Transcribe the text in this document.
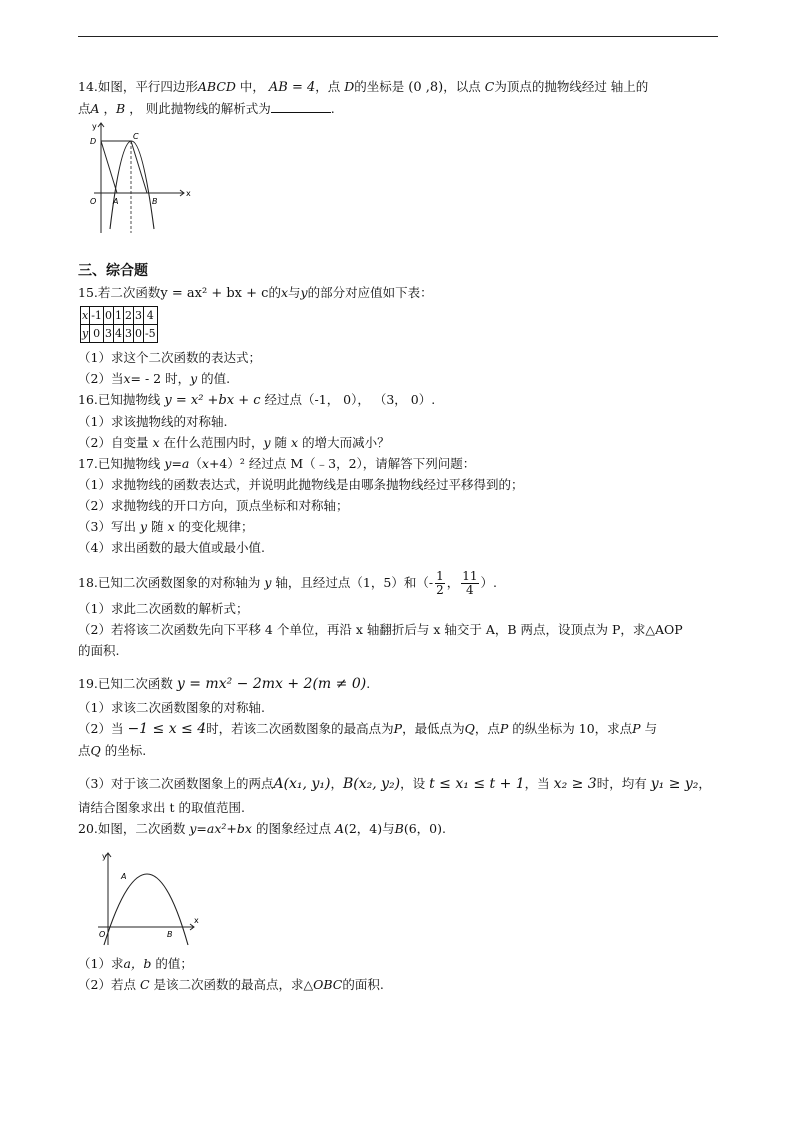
14.如图，平行四边形ABCD 中， AB = 4，点 D的坐标是 (0 ,8)，以点 C为顶点的抛物线经过 轴上的
点A ，B ， 则此抛物线的解析式为	.
y
x
O A	B
C
D
三、综合题
15.若二次函数y = ax² + bx + c的x与y的部分对应值如下表：
x	-1	0	1	2	3	4
y	0	3	4	3	0	-5
（1）求这个二次函数的表达式；
（2）当x= - 2 时，y 的值.
16.已知抛物线 y = x² +bx + c 经过点（-1， 0）， （3， 0）.
（1）求该抛物线的对称轴.
（2）自变量 x 在什么范围内时，y 随 x 的增大而减小？
17.已知抛物线 y=a（x+4）² 经过点 M（﹣3，2），请解答下列问题：
（1）求抛物线的函数表达式，并说明此抛物线是由哪条抛物线经过平移得到的；
（2）求抛物线的开口方向，顶点坐标和对称轴；
（3）写出 y 随 x 的变化规律；
（4）求出函数的最大值或最小值.
18.已知二次函数图象的对称轴为 y 轴，且经过点（1，5）和（- $\frac{1}{2}$ ， $\frac{11}{4}$ ）.
（1）求此二次函数的解析式；
（2）若将该二次函数先向下平移 4 个单位，再沿 x 轴翻折后与 x 轴交于 A，B 两点，设顶点为 P，求△AOP
的面积.
19.已知二次函数 y = mx² − 2mx + 2(m ≠ 0).
（1）求该二次函数图象的对称轴.
（2）当 −1 ≤ x ≤ 4时，若该二次函数图象的最高点为P，最低点为Q，点P 的纵坐标为 10，求点P 与
点Q 的坐标.
（3）对于该二次函数图象上的两点A(x₁, y₁)，B(x₂, y₂)，设 t ≤ x₁ ≤ t + 1，当 x₂ ≥ 3时，均有 y₁ ≥ y₂，
请结合图象求出 t 的取值范围.
20.如图，二次函数 y=ax²+bx 的图象经过点 A(2，4)与B(6，0).
y
x
O
A
B
（1）求a，b 的值；
（2）若点 C 是该二次函数的最高点，求△OBC的面积.
